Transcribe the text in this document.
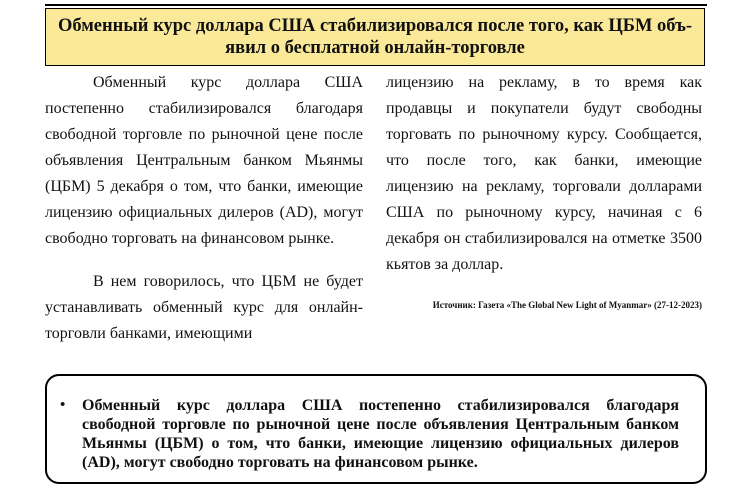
Обменный курс доллара США стабилизировался после того, как ЦБМ объ-
явил о бесплатной онлайн-торговле

Обменный курс доллара США постепенно стабилизировался благодаря свободной торговле по рыночной цене после объявления Центральным банком Мьянмы (ЦБМ) 5 декабря о том, что банки, имеющие лицензию официальных дилеров (AD), могут свободно торговать на финансовом рынке.

В нем говорилось, что ЦБМ не будет устанавливать обменный курс для онлайн-торговли банками, имеющими

лицензию на рекламу, в то время как продавцы и покупатели будут свободны торговать по рыночному курсу. Сообщается, что после того, как банки, имеющие лицензию на рекламу, торговали долларами США по рыночному курсу, начиная с 6 декабря он стабилизировался на отметке 3500 кьятов за доллар.

Источник: Газета «The Global New Light of Myanmar» (27-12-2023)
• Обменный курс доллара США постепенно стабилизировался благодаря свободной торговле по рыночной цене после объявления Центральным банком Мьянмы (ЦБМ) о том, что банки, имеющие лицензию официальных дилеров (AD), могут свободно торговать на финансовом рынке.
